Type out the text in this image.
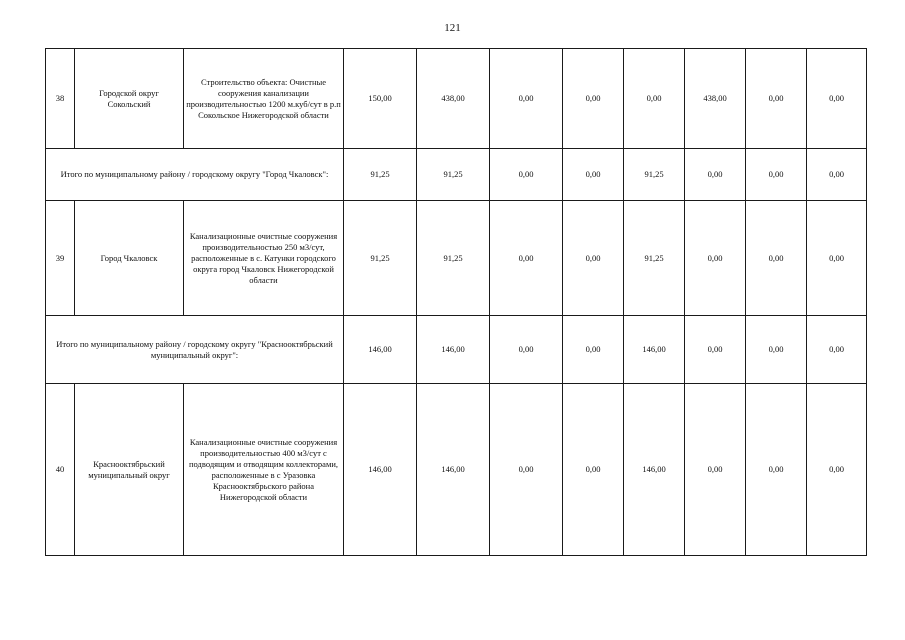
121
38	Городской округ Сокольский	Строительство объекта: Очистные сооружения канализации производительностью 1200 м.куб/сут в р.п Сокольское Нижегородской области	150,00	438,00	0,00	0,00	0,00	438,00	0,00	0,00
Итого по муниципальному району / городскому округу "Город Чкаловск":			91,25	91,25	0,00	0,00	91,25	0,00	0,00	0,00
39	Город Чкаловск	Канализационные очистные сооружения производительностью 250 м3/сут, расположенные в с. Катунки городского округа город Чкаловск Нижегородской области	91,25	91,25	0,00	0,00	91,25	0,00	0,00	0,00
Итого по муниципальному району / городскому округу "Краснооктябрьский муниципальный округ":			146,00	146,00	0,00	0,00	146,00	0,00	0,00	0,00
40	Краснооктябрьский муниципальный округ	Канализационные очистные сооружения производительностью 400 м3/сут с подводящим и отводящим коллекторами, расположенные в с Уразовка Краснооктябрьского района Нижегородской области	146,00	146,00	0,00	0,00	146,00	0,00	0,00	0,00
